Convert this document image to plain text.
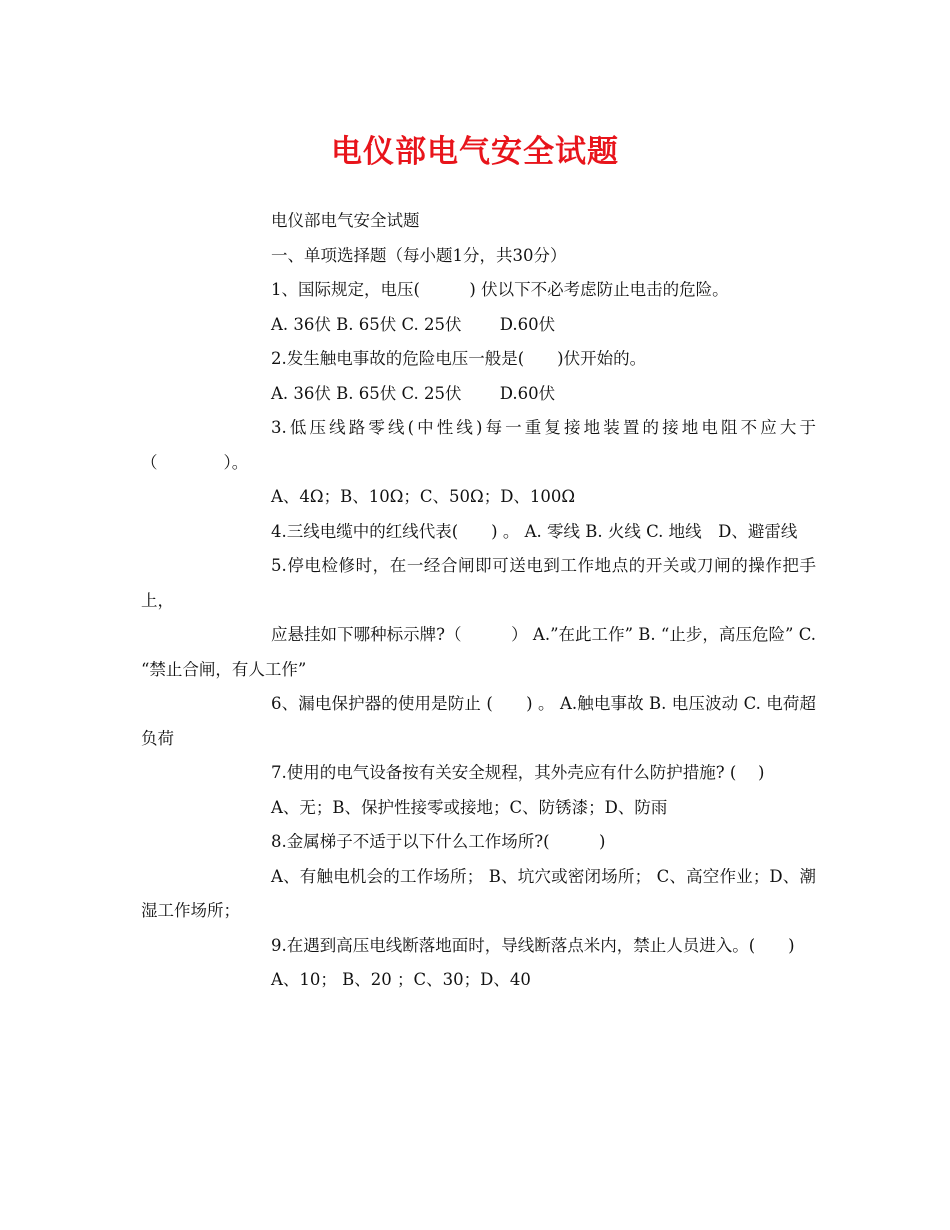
电仪部电气安全试题

电仪部电气安全试题

一、单项选择题（每小题1分，共30分）

1、国际规定，电压(　　　) 伏以下不必考虑防止电击的危险。

A. 36伏 B. 65伏 C. 25伏　　 D.60伏

2.发生触电事故的危险电压一般是(　　)伏开始的。

A. 36伏 B. 65伏 C. 25伏　　 D.60伏

3.低压线路零线(中性线)每一重复接地装置的接地电阻不应大于（　　　　）。

A、4Ω；B、10Ω；C、50Ω；D、100Ω

4.三线电缆中的红线代表(　　) 。 A. 零线 B. 火线 C. 地线　D、避雷线

5.停电检修时，在一经合闸即可送电到工作地点的开关或刀闸的操作把手上，

应悬挂如下哪种标示牌?（　　　） A.”在此工作” B. “止步，高压危险” C. “禁止合闸，有人工作”

6、漏电保护器的使用是防止 (　　) 。 A.触电事故 B. 电压波动 C. 电荷超负荷

7.使用的电气设备按有关安全规程，其外壳应有什么防护措施? (　 )

A、无；B、保护性接零或接地；C、防锈漆；D、防雨

8.金属梯子不适于以下什么工作场所?(　　　)

A、有触电机会的工作场所； B、坑穴或密闭场所； C、高空作业；D、潮湿工作场所；

9.在遇到高压电线断落地面时，导线断落点米内，禁止人员进入。(　　)

A、10； B、20 ；C、30；D、40
